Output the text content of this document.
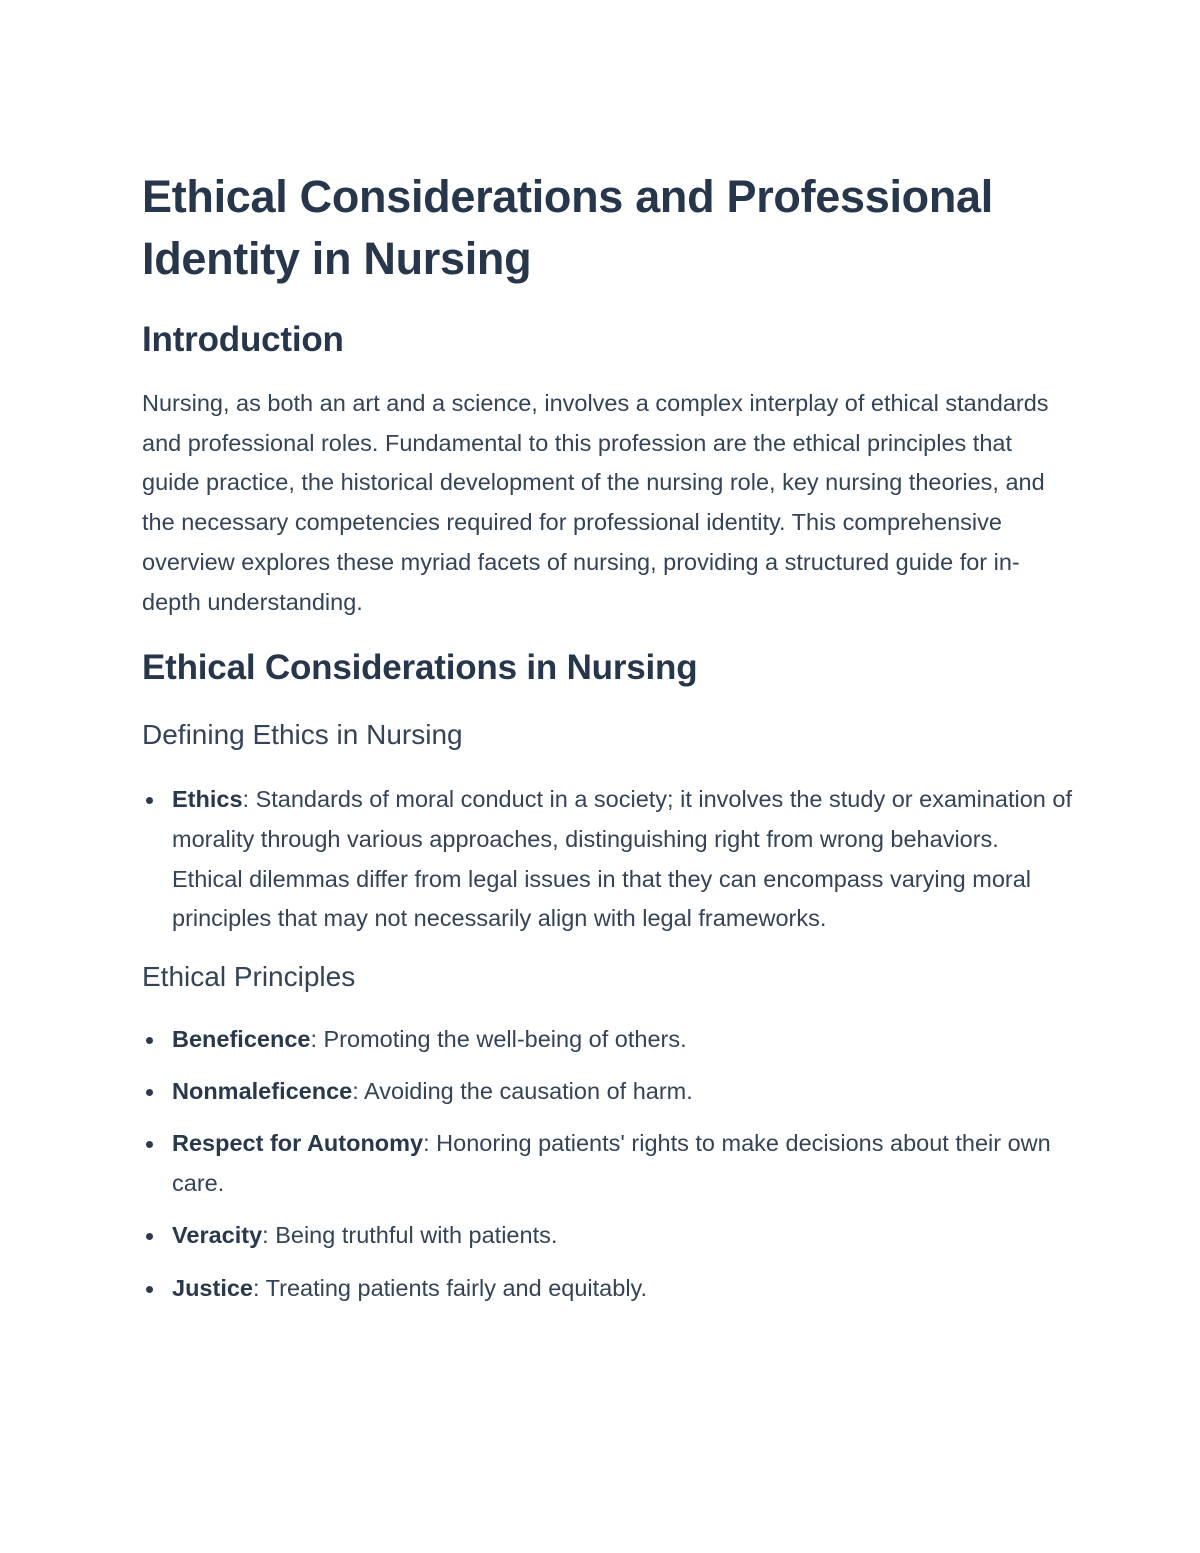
Ethical Considerations and Professional Identity in Nursing
Introduction

Nursing, as both an art and a science, involves a complex interplay of ethical standards and professional roles. Fundamental to this profession are the ethical principles that guide practice, the historical development of the nursing role, key nursing theories, and the necessary competencies required for professional identity. This comprehensive overview explores these myriad facets of nursing, providing a structured guide for in-depth understanding.

Ethical Considerations in Nursing
Defining Ethics in Nursing
Ethics: Standards of moral conduct in a society; it involves the study or examination of morality through various approaches, distinguishing right from wrong behaviors. Ethical dilemmas differ from legal issues in that they can encompass varying moral principles that may not necessarily align with legal frameworks.
Ethical Principles
Beneficence: Promoting the well-being of others.
Nonmaleficence: Avoiding the causation of harm.
Respect for Autonomy: Honoring patients' rights to make decisions about their own care.
Veracity: Being truthful with patients.
Justice: Treating patients fairly and equitably.
